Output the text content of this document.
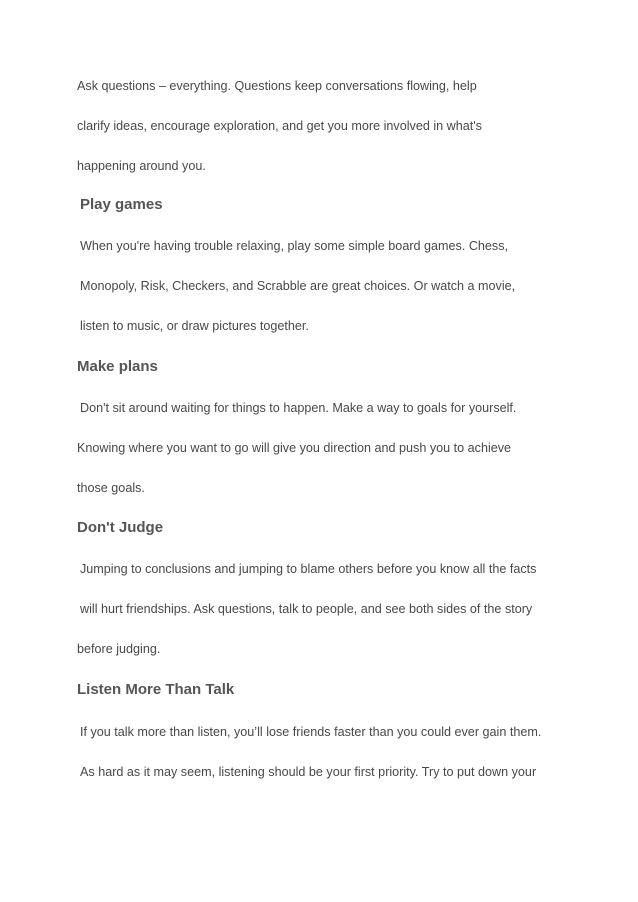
Ask questions – everything. Questions keep conversations flowing, help
clarify ideas, encourage exploration, and get you more involved in what's
happening around you.
Play games
When you're having trouble relaxing, play some simple board games. Chess,
Monopoly, Risk, Checkers, and Scrabble are great choices. Or watch a movie,
listen to music, or draw pictures together.
Make plans
Don't sit around waiting for things to happen. Make a way to goals for yourself.
Knowing where you want to go will give you direction and push you to achieve
those goals.
Don't Judge
Jumping to conclusions and jumping to blame others before you know all the facts
will hurt friendships. Ask questions, talk to people, and see both sides of the story
before judging.
Listen More Than Talk
If you talk more than listen, you’ll lose friends faster than you could ever gain them.
As hard as it may seem, listening should be your first priority. Try to put down your
